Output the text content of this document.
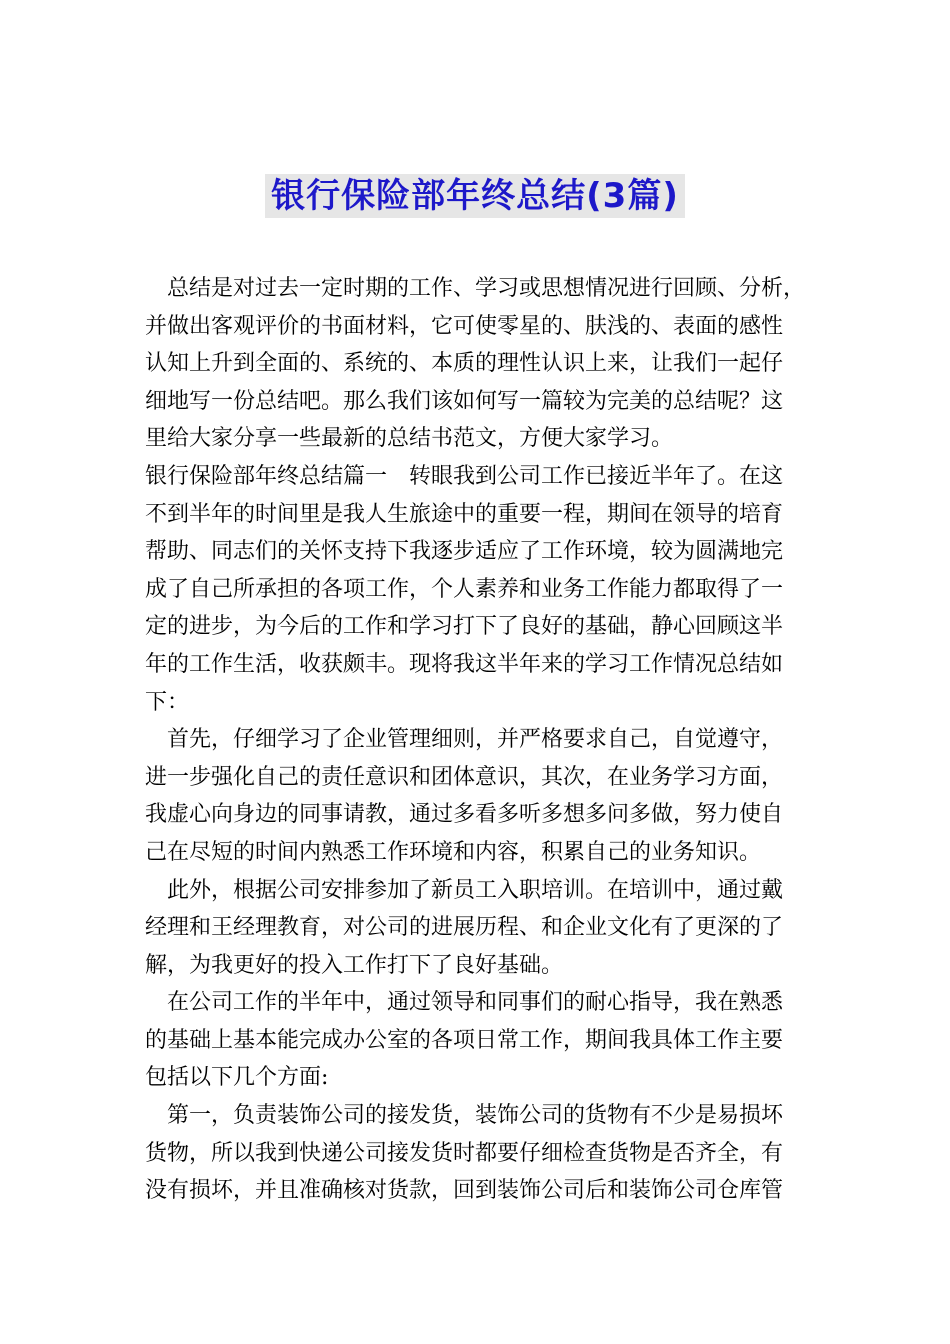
银行保险部年终总结(3篇)
　总结是对过去一定时期的工作、学习或思想情况进行回顾、分析，
并做出客观评价的书面材料，它可使零星的、肤浅的、表面的感性
认知上升到全面的、系统的、本质的理性认识上来，让我们一起仔
细地写一份总结吧。那么我们该如何写一篇较为完美的总结呢？这
里给大家分享一些最新的总结书范文，方便大家学习。
银行保险部年终总结篇一　转眼我到公司工作已接近半年了。在这
不到半年的时间里是我人生旅途中的重要一程，期间在领导的培育
帮助、同志们的关怀支持下我逐步适应了工作环境，较为圆满地完
成了自己所承担的各项工作，个人素养和业务工作能力都取得了一
定的进步，为今后的工作和学习打下了良好的基础，静心回顾这半
年的工作生活，收获颇丰。现将我这半年来的学习工作情况总结如
下：
　首先，仔细学习了企业管理细则，并严格要求自己，自觉遵守，
进一步强化自己的责任意识和团体意识，其次，在业务学习方面，
我虚心向身边的同事请教，通过多看多听多想多问多做，努力使自
己在尽短的时间内熟悉工作环境和内容，积累自己的业务知识。
　此外，根据公司安排参加了新员工入职培训。在培训中，通过戴
经理和王经理教育，对公司的进展历程、和企业文化有了更深的了
解，为我更好的投入工作打下了良好基础。
　在公司工作的半年中，通过领导和同事们的耐心指导，我在熟悉
的基础上基本能完成办公室的各项日常工作，期间我具体工作主要
包括以下几个方面:
　第一，负责装饰公司的接发货，装饰公司的货物有不少是易损坏
货物，所以我到快递公司接发货时都要仔细检查货物是否齐全，有
没有损坏，并且准确核对货款，回到装饰公司后和装饰公司仓库管
